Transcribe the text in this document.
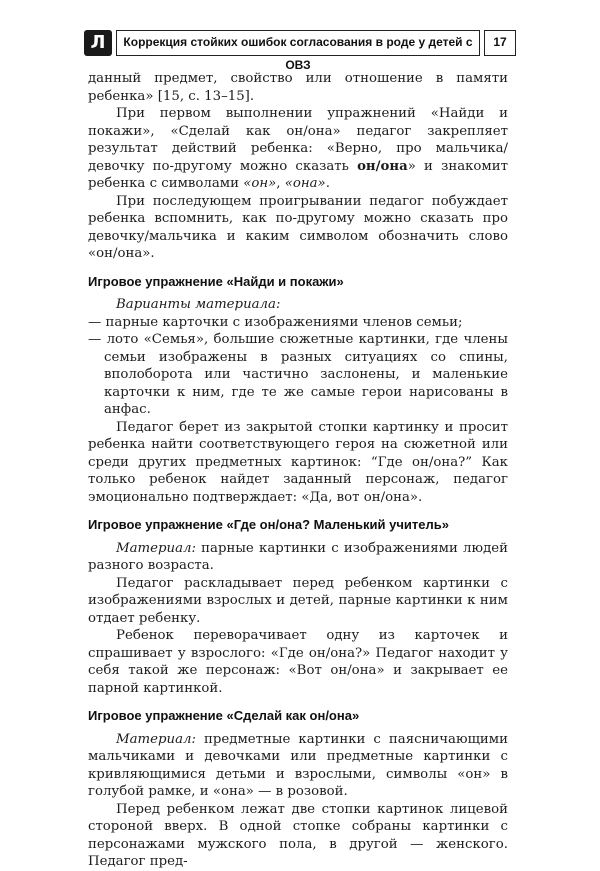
Л	Коррекция стойких ошибок согласования в роде у детей с ОВЗ
17

данный предмет, свойство или отношение в памяти ребенка» [15, с. 13–15].

При первом выполнении упражнений «Найди и покажи», «Сделай как он/она» педагог закрепляет результат действий ребенка: «Верно, про мальчика/девочку по-другому можно сказать он/она» и знакомит ребенка с символами «он», «она».

При последующем проигрывании педагог побуждает ребенка вспомнить, как по-другому можно сказать про девочку/мальчика и каким символом обозначить слово «он/она».

Игровое упражнение «Найди и покажи»

Варианты материала:

— парные карточки с изображениями членов семьи;

— лото «Семья», большие сюжетные картинки, где члены семьи изображены в разных ситуациях со спины, вполоборота или частично заслонены, и маленькие карточки к ним, где те же самые герои нарисованы в анфас.

Педагог берет из закрытой стопки картинку и просит ребенка найти соответствующего героя на сюжетной или среди других предметных картинок: “Где он/она?” Как только ребенок найдет заданный персонаж, педагог эмоционально подтверждает: «Да, вот он/она».

Игровое упражнение «Где он/она? Маленький учитель»

Материал: парные картинки с изображениями людей разного возраста.

Педагог раскладывает перед ребенком картинки с изображениями взрослых и детей, парные картинки к ним отдает ребенку.

Ребенок переворачивает одну из карточек и спрашивает у взрослого: «Где он/она?» Педагог находит у себя такой же персонаж: «Вот он/она» и закрывает ее парной картинкой.

Игровое упражнение «Сделай как он/она»

Материал: предметные картинки с паясничающими мальчиками и девочками или предметные картинки с кривляющимися детьми и взрослыми, символы «он» в голубой рамке, и «она» — в розовой.

Перед ребенком лежат две стопки картинок лицевой стороной вверх. В одной стопке собраны картинки с персонажами мужского пола, в другой — женского. Педагог пред-
